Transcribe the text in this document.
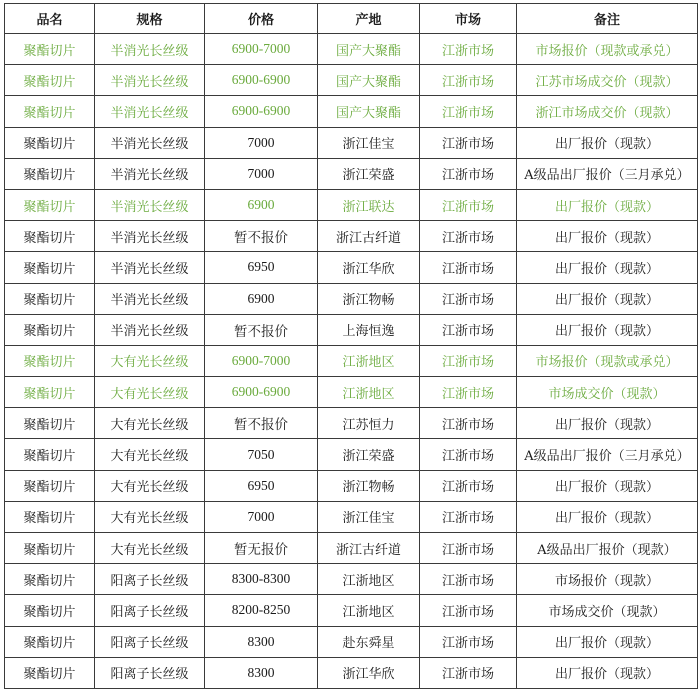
品名	规格	价格	产地	市场	备注
聚酯切片	半消光长丝级	6900-7000	国产大聚酯	江浙市场	市场报价（现款或承兑）
聚酯切片	半消光长丝级	6900-6900	国产大聚酯	江浙市场	江苏市场成交价（现款）
聚酯切片	半消光长丝级	6900-6900	国产大聚酯	江浙市场	浙江市场成交价（现款）
聚酯切片	半消光长丝级	7000	浙江佳宝	江浙市场	出厂报价（现款）
聚酯切片	半消光长丝级	7000	浙江荣盛	江浙市场	A级品出厂报价（三月承兑）
聚酯切片	半消光长丝级	6900	浙江联达	江浙市场	出厂报价（现款）
聚酯切片	半消光长丝级	暂不报价	浙江古纤道	江浙市场	出厂报价（现款）
聚酯切片	半消光长丝级	6950	浙江华欣	江浙市场	出厂报价（现款）
聚酯切片	半消光长丝级	6900	浙江物畅	江浙市场	出厂报价（现款）
聚酯切片	半消光长丝级	暂不报价	上海恒逸	江浙市场	出厂报价（现款）
聚酯切片	大有光长丝级	6900-7000	江浙地区	江浙市场	市场报价（现款或承兑）
聚酯切片	大有光长丝级	6900-6900	江浙地区	江浙市场	市场成交价（现款）
聚酯切片	大有光长丝级	暂不报价	江苏恒力	江浙市场	出厂报价（现款）
聚酯切片	大有光长丝级	7050	浙江荣盛	江浙市场	A级品出厂报价（三月承兑）
聚酯切片	大有光长丝级	6950	浙江物畅	江浙市场	出厂报价（现款）
聚酯切片	大有光长丝级	7000	浙江佳宝	江浙市场	出厂报价（现款）
聚酯切片	大有光长丝级	暂无报价	浙江古纤道	江浙市场	A级品出厂报价（现款）
聚酯切片	阳离子长丝级	8300-8300	江浙地区	江浙市场	市场报价（现款）
聚酯切片	阳离子长丝级	8200-8250	江浙地区	江浙市场	市场成交价（现款）
聚酯切片	阳离子长丝级	8300	赴东舜星	江浙市场	出厂报价（现款）
聚酯切片	阳离子长丝级	8300	浙江华欣	江浙市场	出厂报价（现款）
